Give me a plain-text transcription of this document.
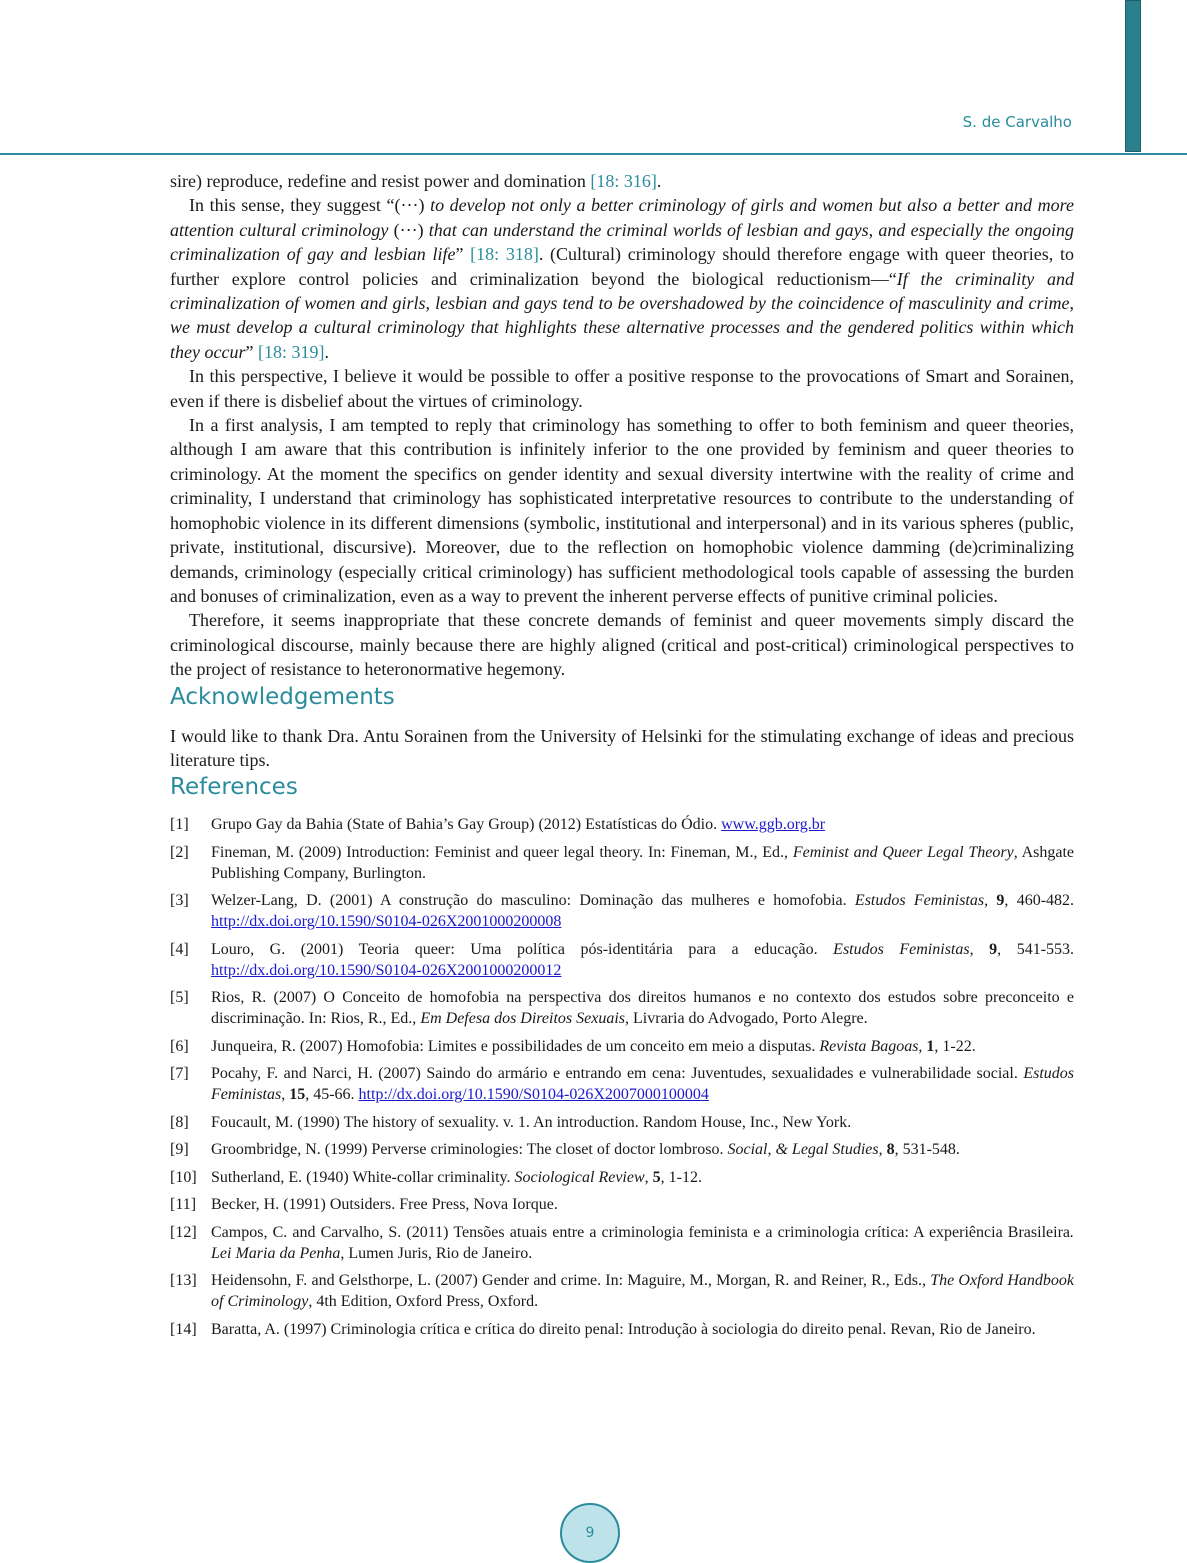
S. de Carvalho

sire) reproduce, redefine and resist power and domination [18: 316].

In this sense, they suggest “(···) to develop not only a better criminology of girls and women but also a better and more attention cultural criminology (···) that can understand the criminal worlds of lesbian and gays, and especially the ongoing criminalization of gay and lesbian life” [18: 318]. (Cultural) criminology should therefore engage with queer theories, to further explore control policies and criminalization beyond the biological reductionism—“If the criminality and criminalization of women and girls, lesbian and gays tend to be overshadowed by the coincidence of masculinity and crime, we must develop a cultural criminology that highlights these alternative processes and the gendered politics within which they occur” [18: 319].

In this perspective, I believe it would be possible to offer a positive response to the provocations of Smart and Sorainen, even if there is disbelief about the virtues of criminology.

In a first analysis, I am tempted to reply that criminology has something to offer to both feminism and queer theories, although I am aware that this contribution is infinitely inferior to the one provided by feminism and queer theories to criminology. At the moment the specifics on gender identity and sexual diversity intertwine with the reality of crime and criminality, I understand that criminology has sophisticated interpretative resources to contribute to the understanding of homophobic violence in its different dimensions (symbolic, institutional and interpersonal) and in its various spheres (public, private, institutional, discursive). Moreover, due to the reflection on homophobic violence damming (de)criminalizing demands, criminology (especially critical criminology) has sufficient methodological tools capable of assessing the burden and bonuses of criminalization, even as a way to prevent the inherent perverse effects of punitive criminal policies.

Therefore, it seems inappropriate that these concrete demands of feminist and queer movements simply discard the criminological discourse, mainly because there are highly aligned (critical and post-critical) criminological perspectives to the project of resistance to heteronormative hegemony.

Acknowledgements

I would like to thank Dra. Antu Sorainen from the University of Helsinki for the stimulating exchange of ideas and precious literature tips.

References
[1] Grupo Gay da Bahia (State of Bahia’s Gay Group) (2012) Estatísticas do Ódio. www.ggb.org.br
[2] Fineman, M. (2009) Introduction: Feminist and queer legal theory. In: Fineman, M., Ed., Feminist and Queer Legal Theory, Ashgate Publishing Company, Burlington.
[3] Welzer-Lang, D. (2001) A construção do masculino: Dominação das mulheres e homofobia. Estudos Feministas, 9, 460-482. http://dx.doi.org/10.1590/S0104-026X2001000200008
[4] Louro, G. (2001) Teoria queer: Uma política pós-identitária para a educação. Estudos Feministas, 9, 541-553. http://dx.doi.org/10.1590/S0104-026X2001000200012
[5] Rios, R. (2007) O Conceito de homofobia na perspectiva dos direitos humanos e no contexto dos estudos sobre preconceito e discriminação. In: Rios, R., Ed., Em Defesa dos Direitos Sexuais, Livraria do Advogado, Porto Alegre.
[6] Junqueira, R. (2007) Homofobia: Limites e possibilidades de um conceito em meio a disputas. Revista Bagoas, 1, 1-22.
[7] Pocahy, F. and Narci, H. (2007) Saindo do armário e entrando em cena: Juventudes, sexualidades e vulnerabilidade social. Estudos Feministas, 15, 45-66. http://dx.doi.org/10.1590/S0104-026X2007000100004
[8] Foucault, M. (1990) The history of sexuality. v. 1. An introduction. Random House, Inc., New York.
[9] Groombridge, N. (1999) Perverse criminologies: The closet of doctor lombroso. Social, & Legal Studies, 8, 531-548.
[10] Sutherland, E. (1940) White-collar criminality. Sociological Review, 5, 1-12.
[11] Becker, H. (1991) Outsiders. Free Press, Nova Iorque.
[12] Campos, C. and Carvalho, S. (2011) Tensões atuais entre a criminologia feminista e a criminologia crítica: A experiência Brasileira. Lei Maria da Penha, Lumen Juris, Rio de Janeiro.
[13] Heidensohn, F. and Gelsthorpe, L. (2007) Gender and crime. In: Maguire, M., Morgan, R. and Reiner, R., Eds., The Oxford Handbook of Criminology, 4th Edition, Oxford Press, Oxford.
[14] Baratta, A. (1997) Criminologia crítica e crítica do direito penal: Introdução à sociologia do direito penal. Revan, Rio de Janeiro.
9
